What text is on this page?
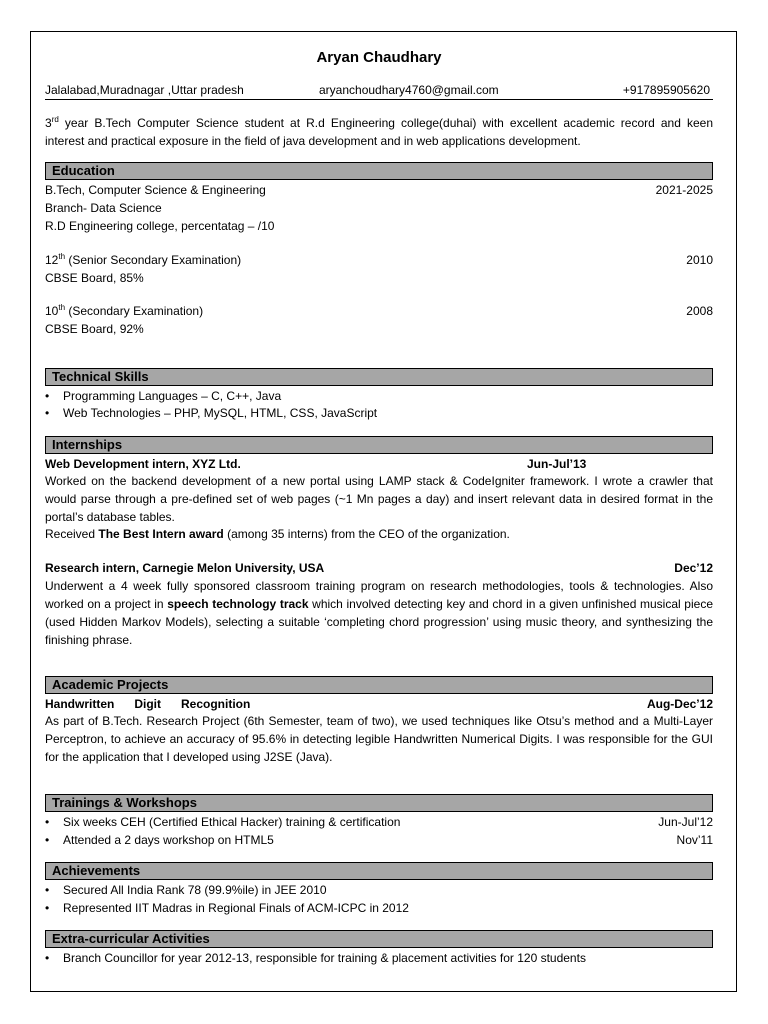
Aryan Chaudhary
Jalalabad,Muradnagar ,Uttar pradesh	aryanchoudhary4760@gmail.com	+917895905620
3rd year B.Tech Computer Science student at R.d Engineering college(duhai) with excellent academic record and keen interest and practical exposure in the field of java development and in web applications development.
Education
B.Tech, Computer Science & Engineering	2021-2025
Branch- Data Science
R.D Engineering college, percentatag – /10
12th (Senior Secondary Examination)	2010
CBSE Board, 85%
10th (Secondary Examination)	2008
CBSE Board, 92%
Technical Skills
• Programming Languages – C, C++, Java
• Web Technologies – PHP, MySQL, HTML, CSS, JavaScript
Internships
Web Development intern, XYZ Ltd.	Jun-Jul’13
Worked on the backend development of a new portal using LAMP stack & CodeIgniter framework. I wrote a crawler that would parse through a pre-defined set of web pages (~1 Mn pages a day) and insert relevant data in desired format in the portal’s database tables.
Received The Best Intern award (among 35 interns) from the CEO of the organization.
Research intern, Carnegie Melon University, USA	Dec’12
Underwent a 4 week fully sponsored classroom training program on research methodologies, tools & technologies. Also worked on a project in speech technology track which involved detecting key and chord in a given unfinished musical piece (used Hidden Markov Models), selecting a suitable ‘completing chord progression’ using music theory, and synthesizing the finishing phrase.
Academic Projects
Handwritten      Digit      Recognition	Aug-Dec’12
As part of B.Tech. Research Project (6th Semester, team of two), we used techniques like Otsu’s method and a Multi-Layer Perceptron, to achieve an accuracy of 95.6% in detecting legible Handwritten Numerical Digits. I was responsible for the GUI for the application that I developed using J2SE (Java).
Trainings & Workshops
• Six weeks CEH (Certified Ethical Hacker) training & certification	Jun-Jul’12
• Attended a 2 days workshop on HTML5	Nov’11
Achievements
• Secured All India Rank 78 (99.9%ile) in JEE 2010
• Represented IIT Madras in Regional Finals of ACM-ICPC in 2012
Extra-curricular Activities
• Branch Councillor for year 2012-13, responsible for training & placement activities for 120 students
